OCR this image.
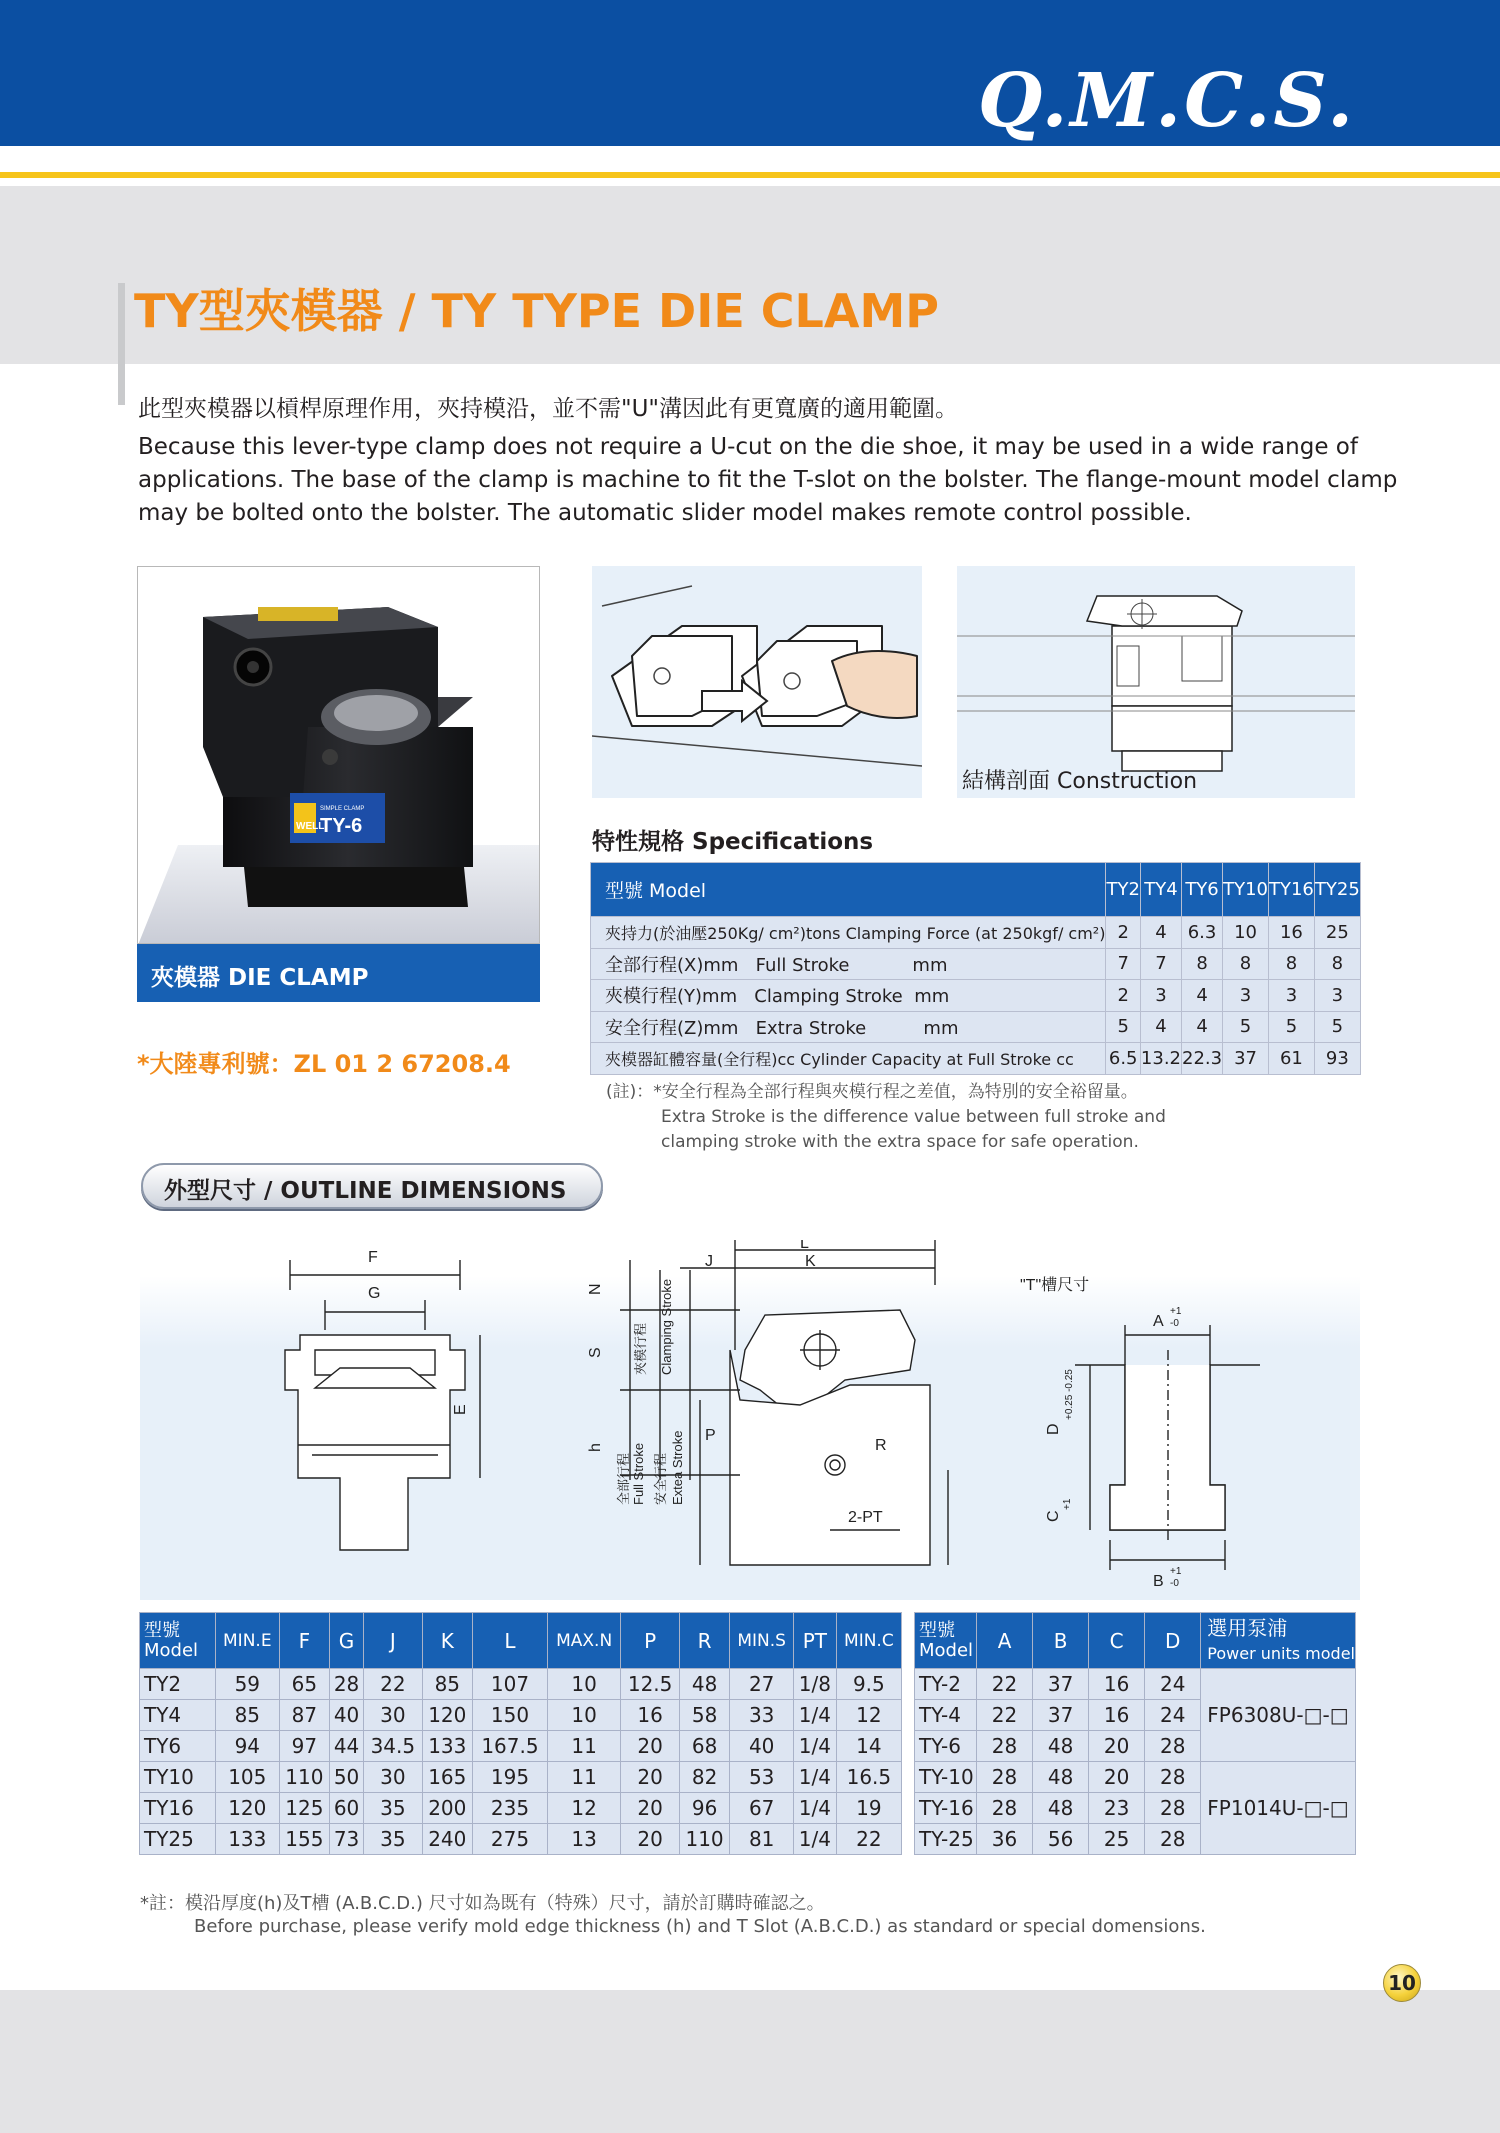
Q.M.C.S.
TY型夾模器 / TY TYPE DIE CLAMP
此型夾模器以槓桿原理作用，夾持模沿，並不需"U"溝因此有更寬廣的適用範圍。
Because this lever-type clamp does not require a U-cut on the die shoe, it may be used in a wide range of
applications. The base of the clamp is machine to fit the T-slot on the bolster. The flange-mount model clamp
may be bolted onto the bolster. The automatic slider model makes remote control possible.
WELL
SIMPLE CLAMP
TY-6
夾模器 DIE CLAMP
*大陸專利號：ZL 01 2 67208.4
結構剖面 Construction
特性規格 Specifications
型號 Model	TY2	TY4	TY6	TY10	TY16	TY25
夾持力(於油壓250Kg/ cm²)tons Clamping Force (at 250kgf/ cm²)	2	4	6.3	10	16	25
全部行程(X)mm   Full Stroke           mm	7	7	8	8	8	8
夾模行程(Y)mm   Clamping Stroke  mm	2	3	4	3	3	3
安全行程(Z)mm   Extra Stroke          mm	5	4	4	5	5	5
夾模器缸體容量(全行程)cc Cylinder Capacity at Full Stroke cc	6.5	13.2	22.3	37	61	93
(註)：*安全行程為全部行程與夾模行程之差值，為特別的安全裕留量。
Extra Stroke is the difference value between full stroke and
clamping stroke with the extra space for safe operation.
外型尺寸 / OUTLINE DIMENSIONS
F
G
E
L
J	K
N
S
h
P
R
2-PT
夾模行程 Clamping Stroke
全部行程 Full Stroke 安全行程 Extea Stroke
"T"槽尺寸
A
B
C
D
+1
-0
+1
-0
+1
+0.25 -0.25
型號
Model	MIN.E	F	G	J	K	L	MAX.N	P	R	MIN.S	PT	MIN.C
TY2	59	65	28	22	85	107	10	12.5	48	27	1/8	9.5
TY4	85	87	40	30	120	150	10	16	58	33	1/4	12
TY6	94	97	44	34.5	133	167.5	11	20	68	40	1/4	14
TY10	105	110	50	30	165	195	11	20	82	53	1/4	16.5
TY16	120	125	60	35	200	235	12	20	96	67	1/4	19
TY25	133	155	73	35	240	275	13	20	110	81	1/4	22
型號
Model	A	B	C	D	選用泵浦
Power units model
TY-2	22	37	16	24	FP6308U-□-□
TY-4	22	37	16	24	
TY-6	28	48	20	28	
TY-10	28	48	20	28	FP1014U-□-□
TY-16	28	48	23	28	
TY-25	36	56	25	28	
*註：模沿厚度(h)及T槽 (A.B.C.D.) 尺寸如為既有（特殊）尺寸，請於訂購時確認之。
Before purchase, please verify mold edge thickness (h) and T Slot (A.B.C.D.) as standard or special domensions.
10
